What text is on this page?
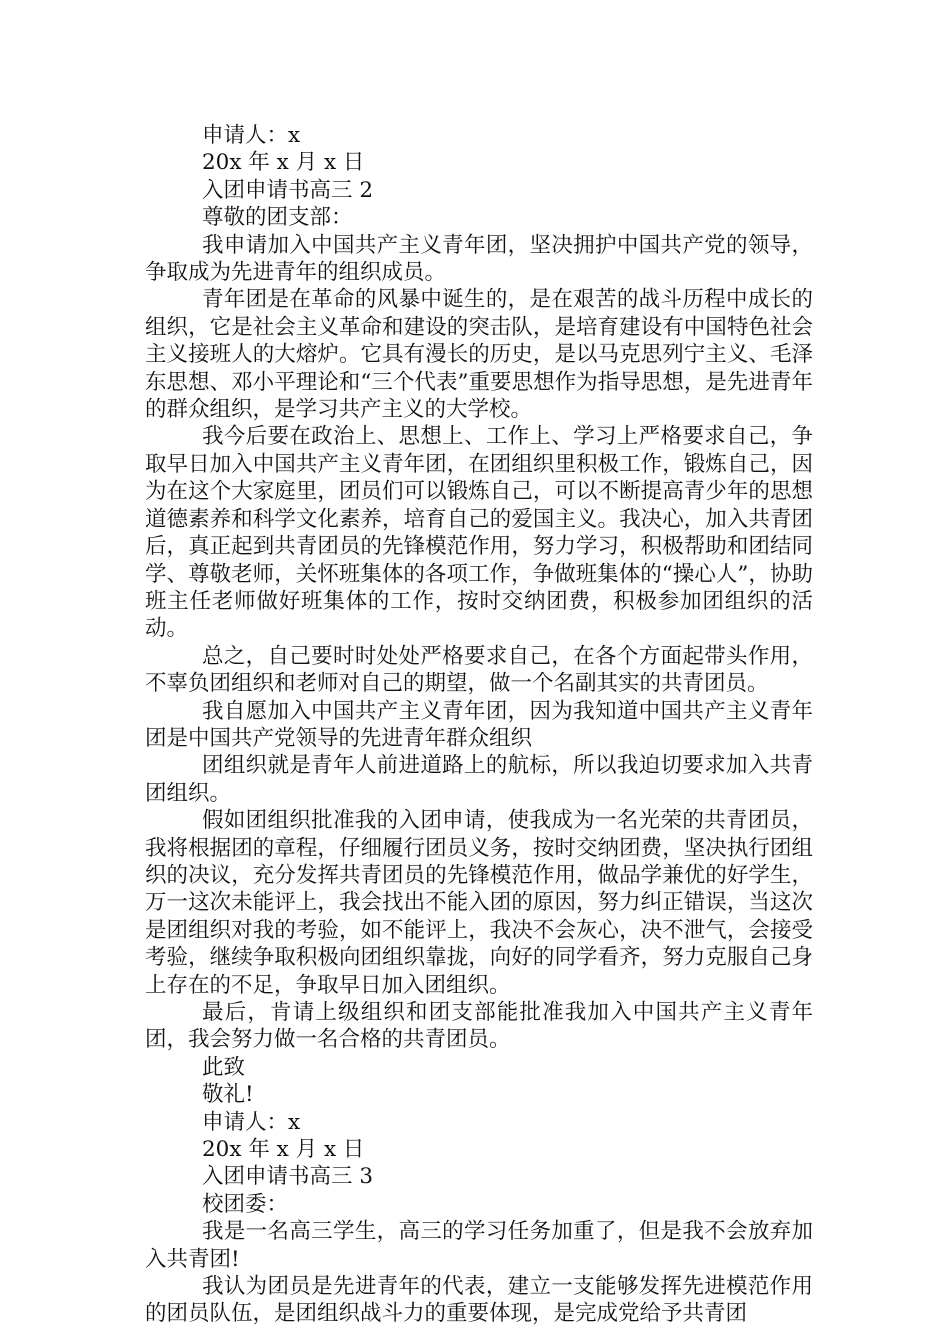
申请人：x

20x 年 x 月 x 日

入团申请书高三 2

尊敬的团支部：

我申请加入中国共产主义青年团，坚决拥护中国共产党的领导，争取成为先进青年的组织成员。

青年团是在革命的风暴中诞生的，是在艰苦的战斗历程中成长的组织，它是社会主义革命和建设的突击队，是培育建设有中国特色社会主义接班人的大熔炉。它具有漫长的历史，是以马克思列宁主义、毛泽东思想、邓小平理论和“三个代表”重要思想作为指导思想，是先进青年的群众组织，是学习共产主义的大学校。

我今后要在政治上、思想上、工作上、学习上严格要求自己，争取早日加入中国共产主义青年团，在团组织里积极工作，锻炼自己，因为在这个大家庭里，团员们可以锻炼自己，可以不断提高青少年的思想道德素养和科学文化素养，培育自己的爱国主义。我决心，加入共青团后，真正起到共青团员的先锋模范作用，努力学习，积极帮助和团结同学、尊敬老师，关怀班集体的各项工作，争做班集体的“操心人”，协助班主任老师做好班集体的工作，按时交纳团费，积极参加团组织的活动。

总之，自己要时时处处严格要求自己，在各个方面起带头作用，不辜负团组织和老师对自己的期望，做一个名副其实的共青团员。

我自愿加入中国共产主义青年团，因为我知道中国共产主义青年团是中国共产党领导的先进青年群众组织

团组织就是青年人前进道路上的航标，所以我迫切要求加入共青团组织。

假如团组织批准我的入团申请，使我成为一名光荣的共青团员，我将根据团的章程，仔细履行团员义务，按时交纳团费，坚决执行团组织的决议，充分发挥共青团员的先锋模范作用，做品学兼优的好学生，万一这次未能评上，我会找出不能入团的原因，努力纠正错误，当这次是团组织对我的考验，如不能评上，我决不会灰心，决不泄气，会接受考验，继续争取积极向团组织靠拢，向好的同学看齐，努力克服自己身上存在的不足，争取早日加入团组织。

最后，肯请上级组织和团支部能批准我加入中国共产主义青年团，我会努力做一名合格的共青团员。

此致

敬礼!

申请人：x

20x 年 x 月 x 日

入团申请书高三 3

校团委：

我是一名高三学生，高三的学习任务加重了，但是我不会放弃加入共青团!

我认为团员是先进青年的代表，建立一支能够发挥先进模范作用的团员队伍，是团组织战斗力的重要体现，是完成党给予共青团
